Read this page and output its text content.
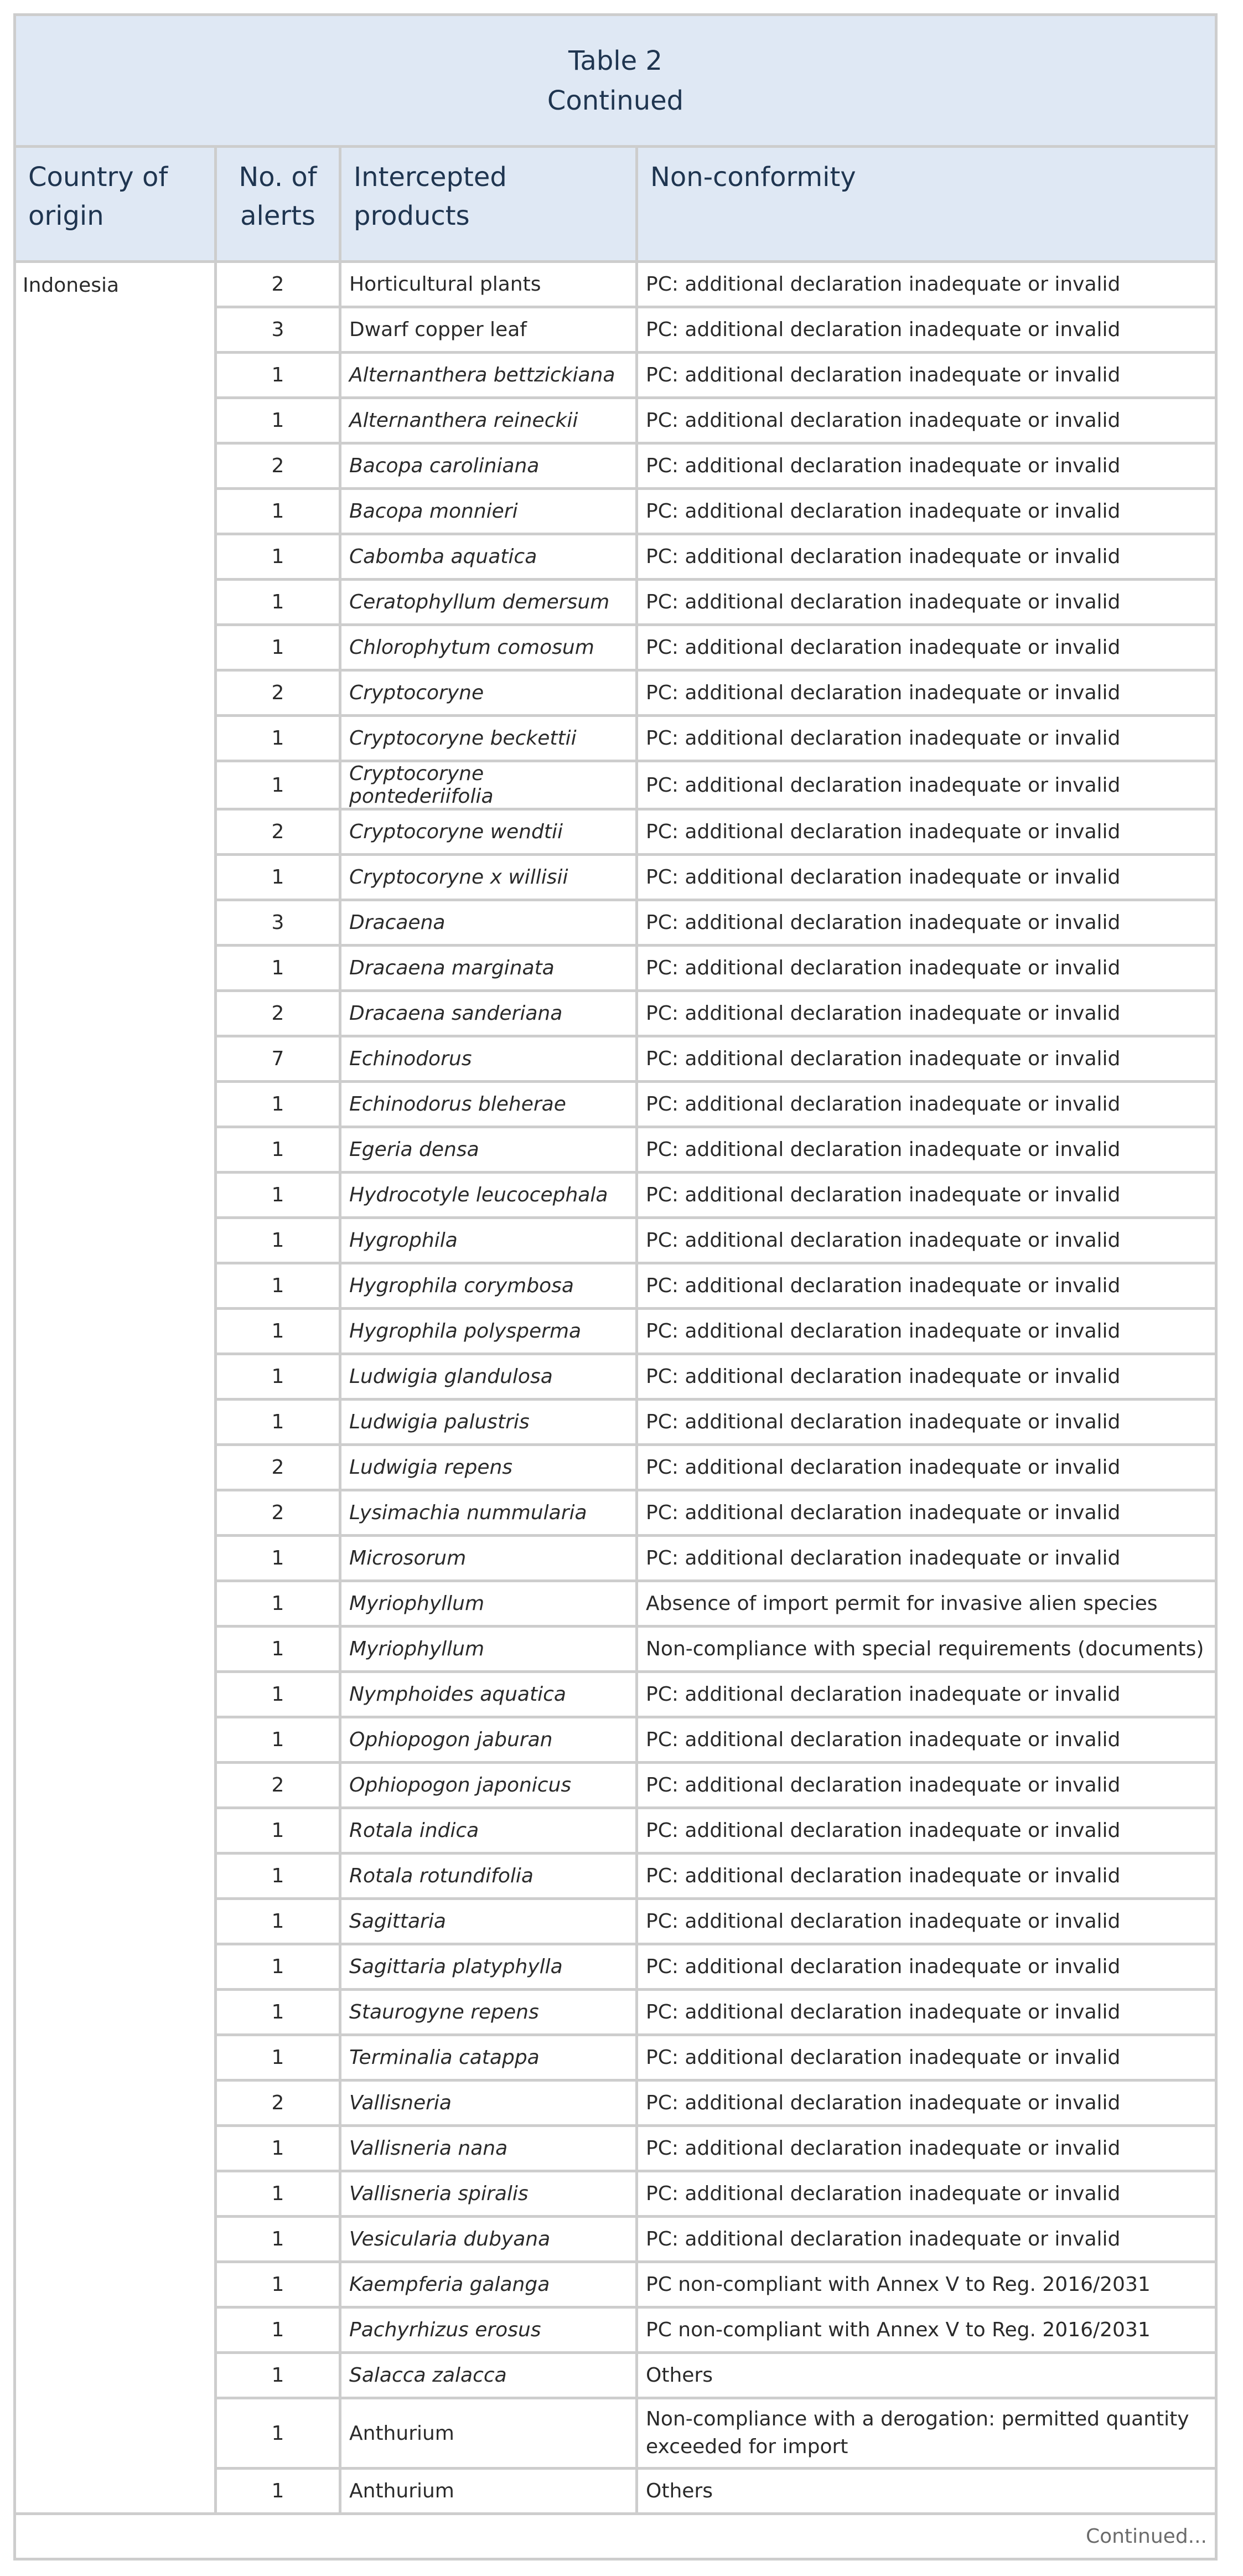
Table 2
Continued			

Country of origin	No. of alerts	Intercepted products	Non-conformity
Indonesia	2	Horticultural plants	PC: additional declaration inadequate or invalid
	3	Dwarf copper leaf	PC: additional declaration inadequate or invalid
	1	Alternanthera bettzickiana	PC: additional declaration inadequate or invalid
	1	Alternanthera reineckii	PC: additional declaration inadequate or invalid
	2	Bacopa caroliniana	PC: additional declaration inadequate or invalid
	1	Bacopa monnieri	PC: additional declaration inadequate or invalid
	1	Cabomba aquatica	PC: additional declaration inadequate or invalid
	1	Ceratophyllum demersum	PC: additional declaration inadequate or invalid
	1	Chlorophytum comosum	PC: additional declaration inadequate or invalid
	2	Cryptocoryne	PC: additional declaration inadequate or invalid
	1	Cryptocoryne beckettii	PC: additional declaration inadequate or invalid
	1	Cryptocoryne pontederiifolia	PC: additional declaration inadequate or invalid
	2	Cryptocoryne wendtii	PC: additional declaration inadequate or invalid
	1	Cryptocoryne x willisii	PC: additional declaration inadequate or invalid
	3	Dracaena	PC: additional declaration inadequate or invalid
	1	Dracaena marginata	PC: additional declaration inadequate or invalid
	2	Dracaena sanderiana	PC: additional declaration inadequate or invalid
	7	Echinodorus	PC: additional declaration inadequate or invalid
	1	Echinodorus bleherae	PC: additional declaration inadequate or invalid
	1	Egeria densa	PC: additional declaration inadequate or invalid
	1	Hydrocotyle leucocephala	PC: additional declaration inadequate or invalid
	1	Hygrophila	PC: additional declaration inadequate or invalid
	1	Hygrophila corymbosa	PC: additional declaration inadequate or invalid
	1	Hygrophila polysperma	PC: additional declaration inadequate or invalid
	1	Ludwigia glandulosa	PC: additional declaration inadequate or invalid
	1	Ludwigia palustris	PC: additional declaration inadequate or invalid
	2	Ludwigia repens	PC: additional declaration inadequate or invalid
	2	Lysimachia nummularia	PC: additional declaration inadequate or invalid
	1	Microsorum	PC: additional declaration inadequate or invalid
	1	Myriophyllum	Absence of import permit for invasive alien species
	1	Myriophyllum	Non-compliance with special requirements (documents)
	1	Nymphoides aquatica	PC: additional declaration inadequate or invalid
	1	Ophiopogon jaburan	PC: additional declaration inadequate or invalid
	2	Ophiopogon japonicus	PC: additional declaration inadequate or invalid
	1	Rotala indica	PC: additional declaration inadequate or invalid
	1	Rotala rotundifolia	PC: additional declaration inadequate or invalid
	1	Sagittaria	PC: additional declaration inadequate or invalid
	1	Sagittaria platyphylla	PC: additional declaration inadequate or invalid
	1	Staurogyne repens	PC: additional declaration inadequate or invalid
	1	Terminalia catappa	PC: additional declaration inadequate or invalid
	2	Vallisneria	PC: additional declaration inadequate or invalid
	1	Vallisneria nana	PC: additional declaration inadequate or invalid
	1	Vallisneria spiralis	PC: additional declaration inadequate or invalid
	1	Vesicularia dubyana	PC: additional declaration inadequate or invalid
	1	Kaempferia galanga	PC non-compliant with Annex V to Reg. 2016/2031
	1	Pachyrhizus erosus	PC non-compliant with Annex V to Reg. 2016/2031
	1	Salacca zalacca	Others
	1	Anthurium	Non-compliance with a derogation: permitted quantity exceeded for import
	1	Anthurium	Others
Continued...			
